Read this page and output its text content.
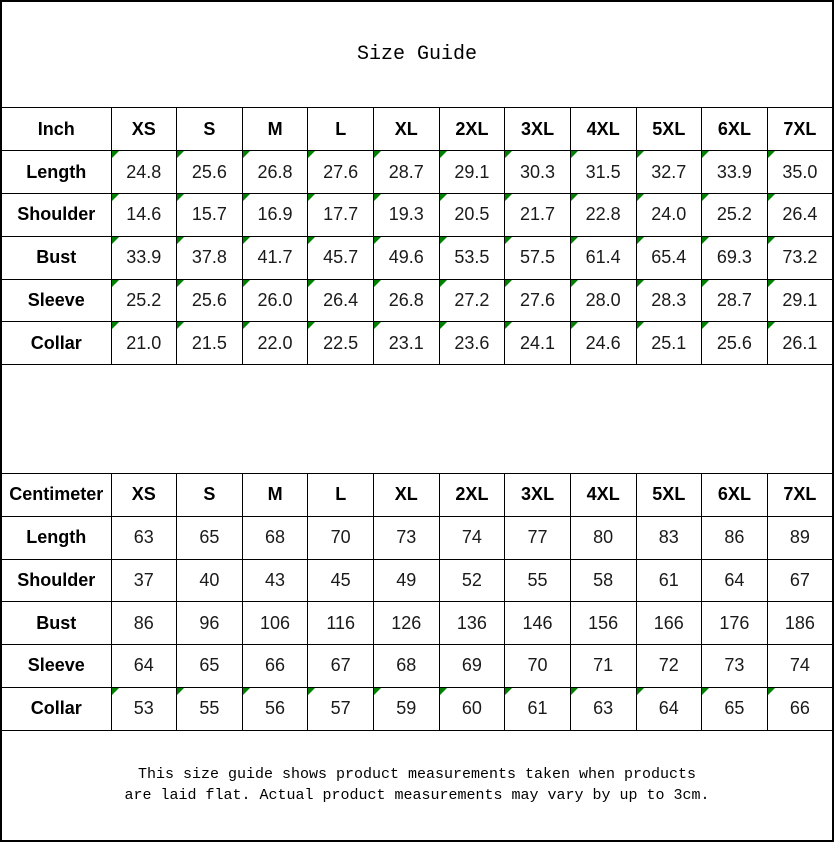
Size Guide											
Inch	XS	S	M	L	XL	2XL	3XL	4XL	5XL	6XL	7XL
Length	24.8	25.6	26.8	27.6	28.7	29.1	30.3	31.5	32.7	33.9	35.0
Shoulder	14.6	15.7	16.9	17.7	19.3	20.5	21.7	22.8	24.0	25.2	26.4
Bust	33.9	37.8	41.7	45.7	49.6	53.5	57.5	61.4	65.4	69.3	73.2
Sleeve	25.2	25.6	26.0	26.4	26.8	27.2	27.6	28.0	28.3	28.7	29.1
Collar	21.0	21.5	22.0	22.5	23.1	23.6	24.1	24.6	25.1	25.6	26.1

Centimeter	XS	S	M	L	XL	2XL	3XL	4XL	5XL	6XL	7XL
Length	63	65	68	70	73	74	77	80	83	86	89
Shoulder	37	40	43	45	49	52	55	58	61	64	67
Bust	86	96	106	116	126	136	146	156	166	176	186
Sleeve	64	65	66	67	68	69	70	71	72	73	74
Collar	53	55	56	57	59	60	61	63	64	65	66

This size guide shows product measurements taken when products
are laid flat. Actual product measurements may vary by up to 3cm.											
